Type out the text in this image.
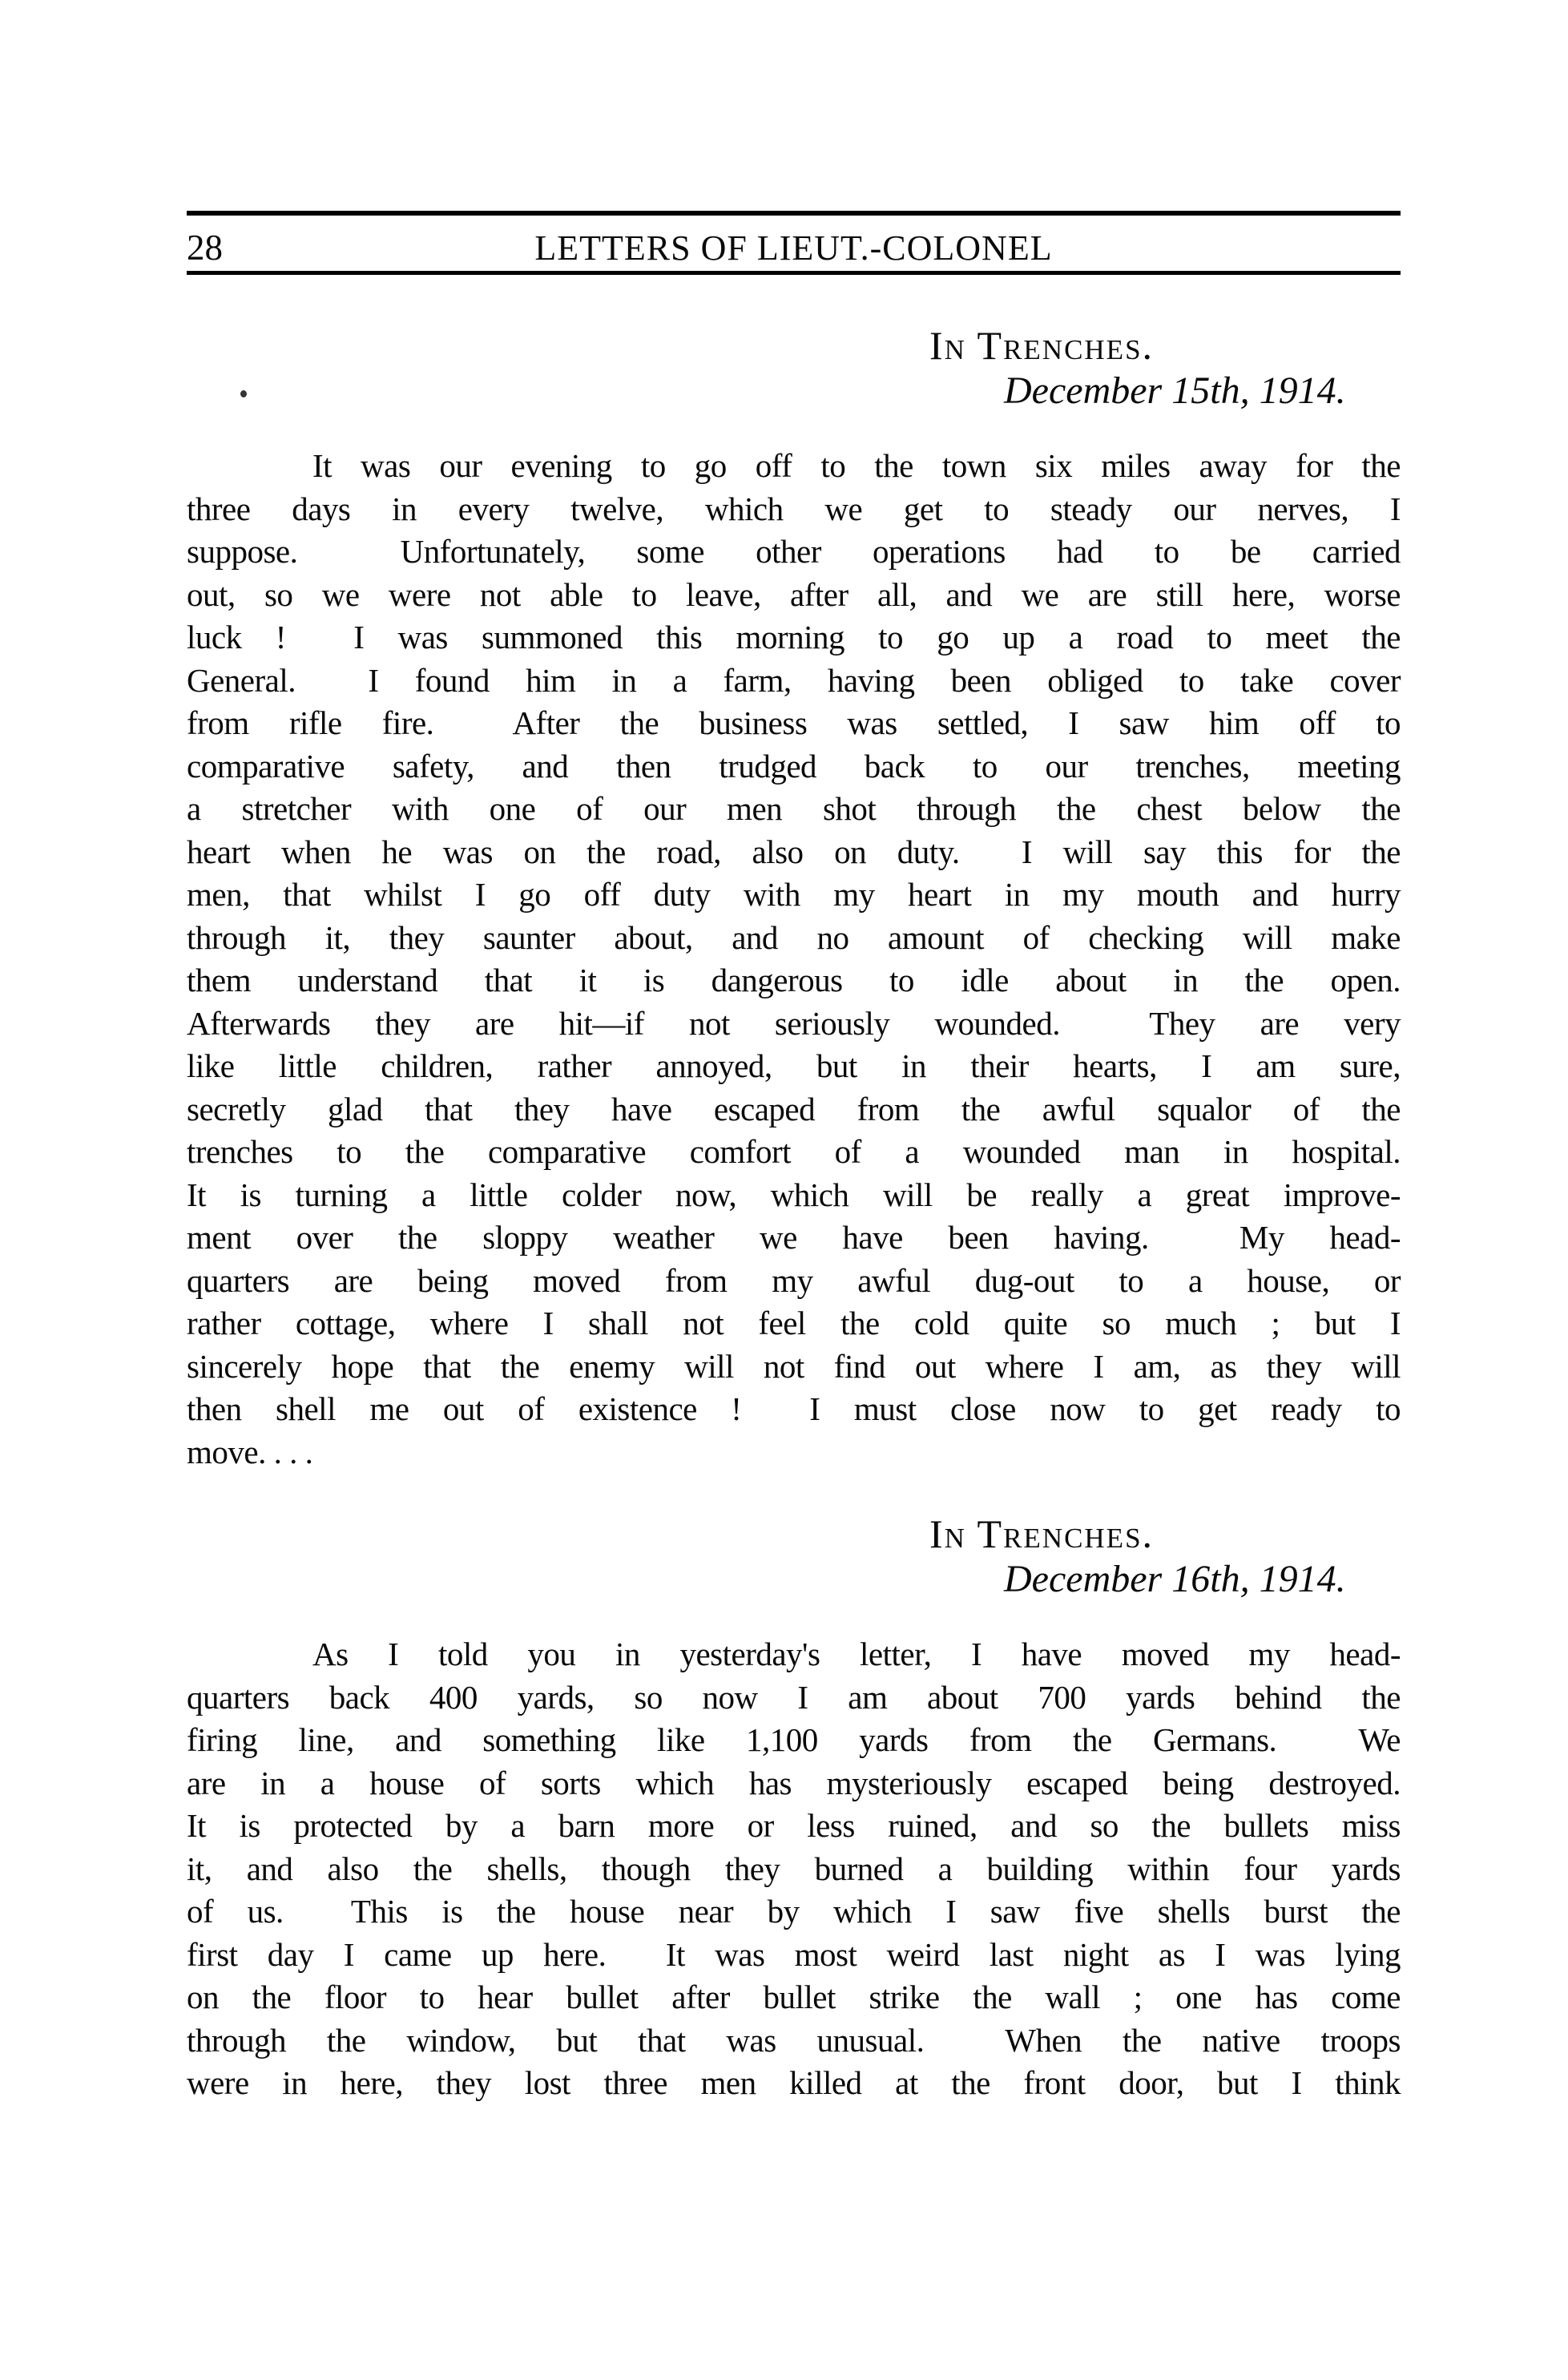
28	LETTERS OF LIEUT.-COLONEL
In Trenches.
December 15th, 1914.
It was our evening to go off to the town six miles away for the
three days in every twelve, which we get to steady our nerves, I
suppose.  Unfortunately, some other operations had to be carried
out, so we were not able to leave, after all, and we are still here, worse
luck !  I was summoned this morning to go up a road to meet the
General.  I found him in a farm, having been obliged to take cover
from rifle fire.  After the business was settled, I saw him off to
comparative safety, and then trudged back to our trenches, meeting
a stretcher with one of our men shot through the chest below the
heart when he was on the road, also on duty.  I will say this for the
men, that whilst I go off duty with my heart in my mouth and hurry
through it, they saunter about, and no amount of checking will make
them understand that it is dangerous to idle about in the open.
Afterwards they are hit—if not seriously wounded.  They are very
like little children, rather annoyed, but in their hearts, I am sure,
secretly glad that they have escaped from the awful squalor of the
trenches to the comparative comfort of a wounded man in hospital.
It is turning a little colder now, which will be really a great improve-
ment over the sloppy weather we have been having.  My head-
quarters are being moved from my awful dug-out to a house, or
rather cottage, where I shall not feel the cold quite so much ; but I
sincerely hope that the enemy will not find out where I am, as they will
then shell me out of existence !  I must close now to get ready to
move. . . .
In Trenches.
December 16th, 1914.
As I told you in yesterday's letter, I have moved my head-
quarters back 400 yards, so now I am about 700 yards behind the
firing line, and something like 1,100 yards from the Germans.  We
are in a house of sorts which has mysteriously escaped being destroyed.
It is protected by a barn more or less ruined, and so the bullets miss
it, and also the shells, though they burned a building within four yards
of us.  This is the house near by which I saw five shells burst the
first day I came up here.  It was most weird last night as I was lying
on the floor to hear bullet after bullet strike the wall ; one has come
through the window, but that was unusual.  When the native troops
were in here, they lost three men killed at the front door, but I think
